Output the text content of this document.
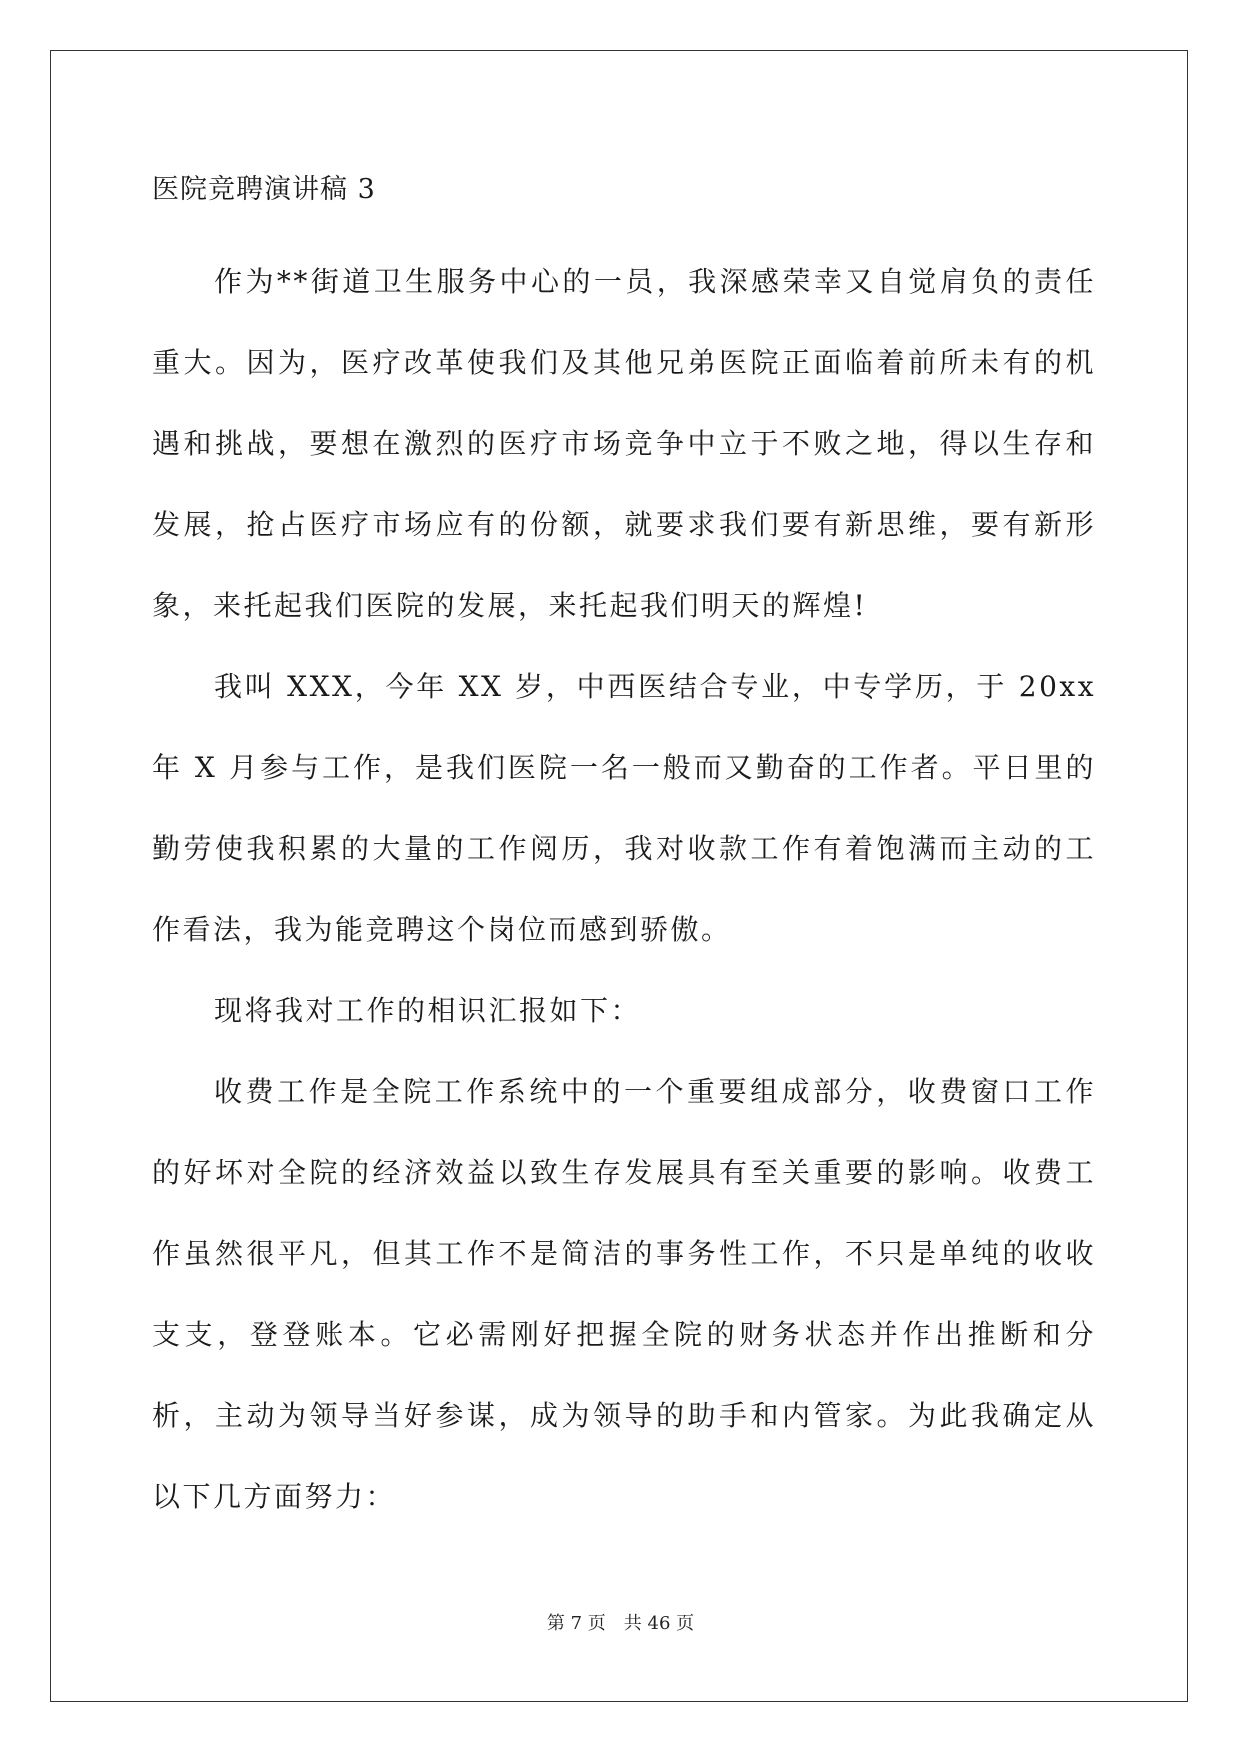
医院竞聘演讲稿 3

作为**街道卫生服务中心的一员，我深感荣幸又自觉肩负的责任重大。因为，医疗改革使我们及其他兄弟医院正面临着前所未有的机遇和挑战，要想在激烈的医疗市场竞争中立于不败之地，得以生存和发展，抢占医疗市场应有的份额，就要求我们要有新思维，要有新形象，来托起我们医院的发展，来托起我们明天的辉煌!

我叫 XXX，今年 XX 岁，中西医结合专业，中专学历，于 20xx 年 X 月参与工作，是我们医院一名一般而又勤奋的工作者。平日里的勤劳使我积累的大量的工作阅历，我对收款工作有着饱满而主动的工作看法，我为能竞聘这个岗位而感到骄傲。

现将我对工作的相识汇报如下：

收费工作是全院工作系统中的一个重要组成部分，收费窗口工作的好坏对全院的经济效益以致生存发展具有至关重要的影响。收费工作虽然很平凡，但其工作不是简洁的事务性工作，不只是单纯的收收支支，登登账本。它必需刚好把握全院的财务状态并作出推断和分析，主动为领导当好参谋，成为领导的助手和内管家。为此我确定从以下几方面努力：

第 7 页 共 46 页
